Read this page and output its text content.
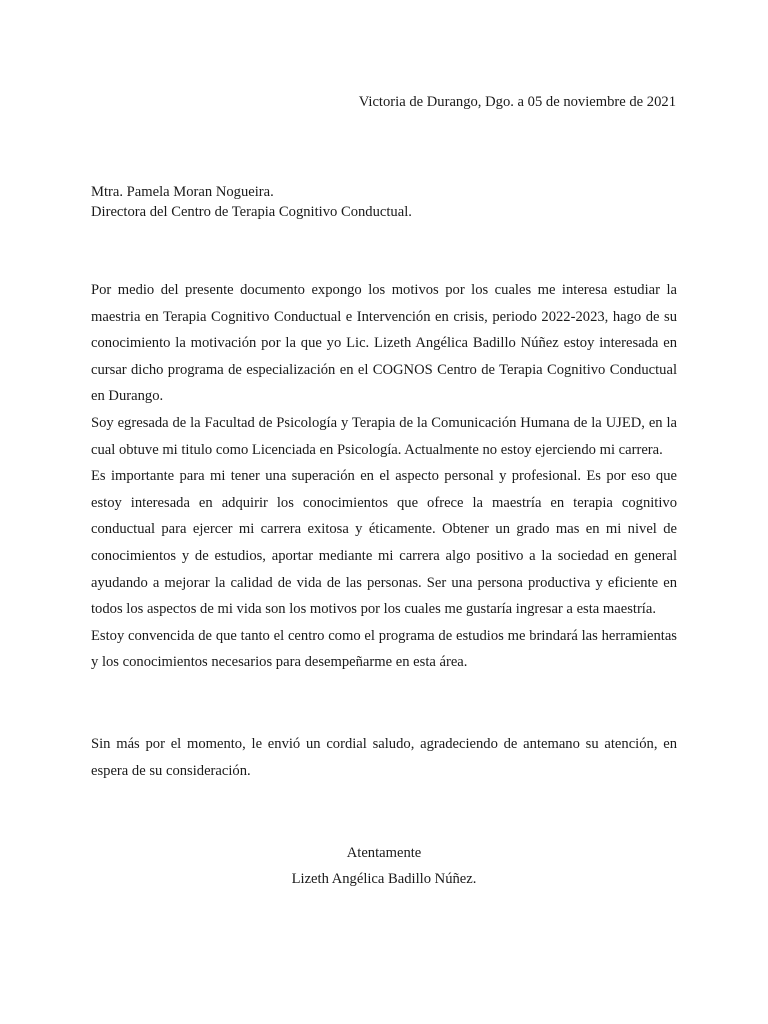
Victoria de Durango, Dgo. a 05 de noviembre de 2021
Mtra. Pamela Moran Nogueira.
Directora del Centro de Terapia Cognitivo Conductual.

Por medio del presente documento expongo los motivos por los cuales me interesa estudiar la maestria en Terapia Cognitivo Conductual e Intervención en crisis, periodo 2022-2023, hago de su conocimiento la motivación por la que yo Lic. Lizeth Angélica Badillo Núñez estoy interesada en cursar dicho programa de especialización en el COGNOS Centro de Terapia Cognitivo Conductual en Durango.

Soy egresada de la Facultad de Psicología y Terapia de la Comunicación Humana de la UJED, en la cual obtuve mi titulo como Licenciada en Psicología. Actualmente no estoy ejerciendo mi carrera.

Es importante para mi tener una superación en el aspecto personal y profesional. Es por eso que estoy interesada en adquirir los conocimientos que ofrece la maestría en terapia cognitivo conductual para ejercer mi carrera exitosa y éticamente. Obtener un grado mas en mi nivel de conocimientos y de estudios, aportar mediante mi carrera algo positivo a la sociedad en general ayudando a mejorar la calidad de vida de las personas. Ser una persona productiva y eficiente en todos los aspectos de mi vida son los motivos por los cuales me gustaría ingresar a esta maestría.

Estoy convencida de que tanto el centro como el programa de estudios me brindará las herramientas y los conocimientos necesarios para desempeñarme en esta área.

Sin más por el momento, le envió un cordial saludo, agradeciendo de antemano su atención, en espera de su consideración.

Atentamente
Lizeth Angélica Badillo Núñez.
